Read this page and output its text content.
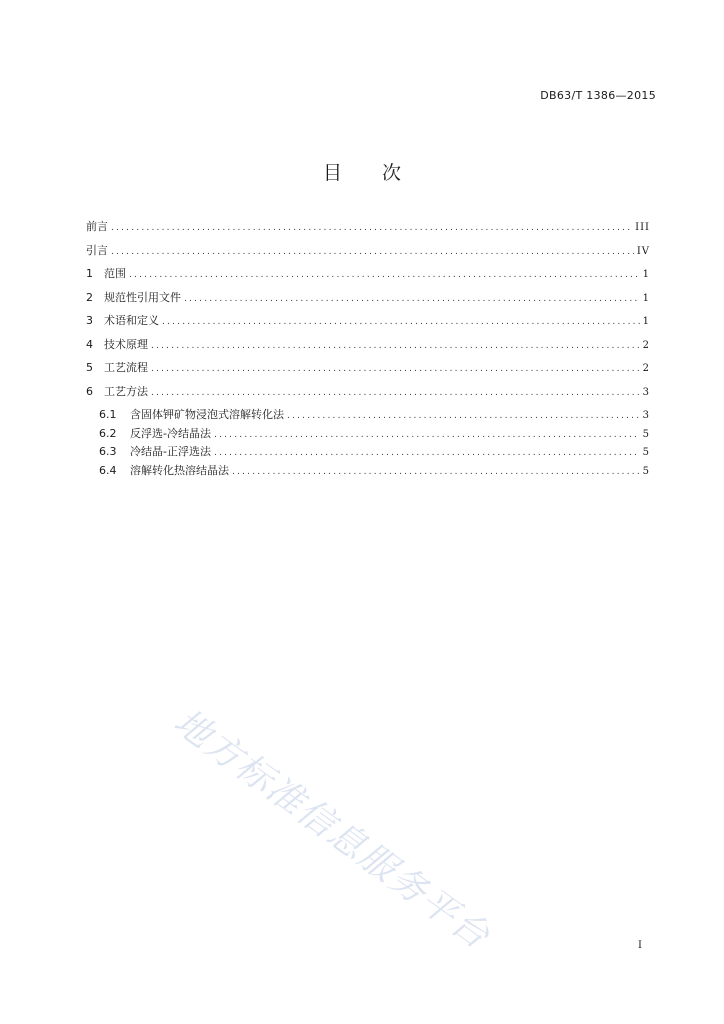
DB63/T 1386—2015
目 次
前言 .....	III
引言 .....	IV
1	范围 .....	1
2	规范性引用文件 .....	1
3	术语和定义 .....	1
4	技术原理 .....	2
5	工艺流程 .....	2
6	工艺方法 .....	3
6.1	含固体钾矿物浸泡式溶解转化法 .....	3
6.2	反浮选-冷结晶法 .....	5
6.3	冷结晶-正浮选法 .....	5
6.4	溶解转化热溶结晶法 .....	5
地方标准信息服务平台	I
